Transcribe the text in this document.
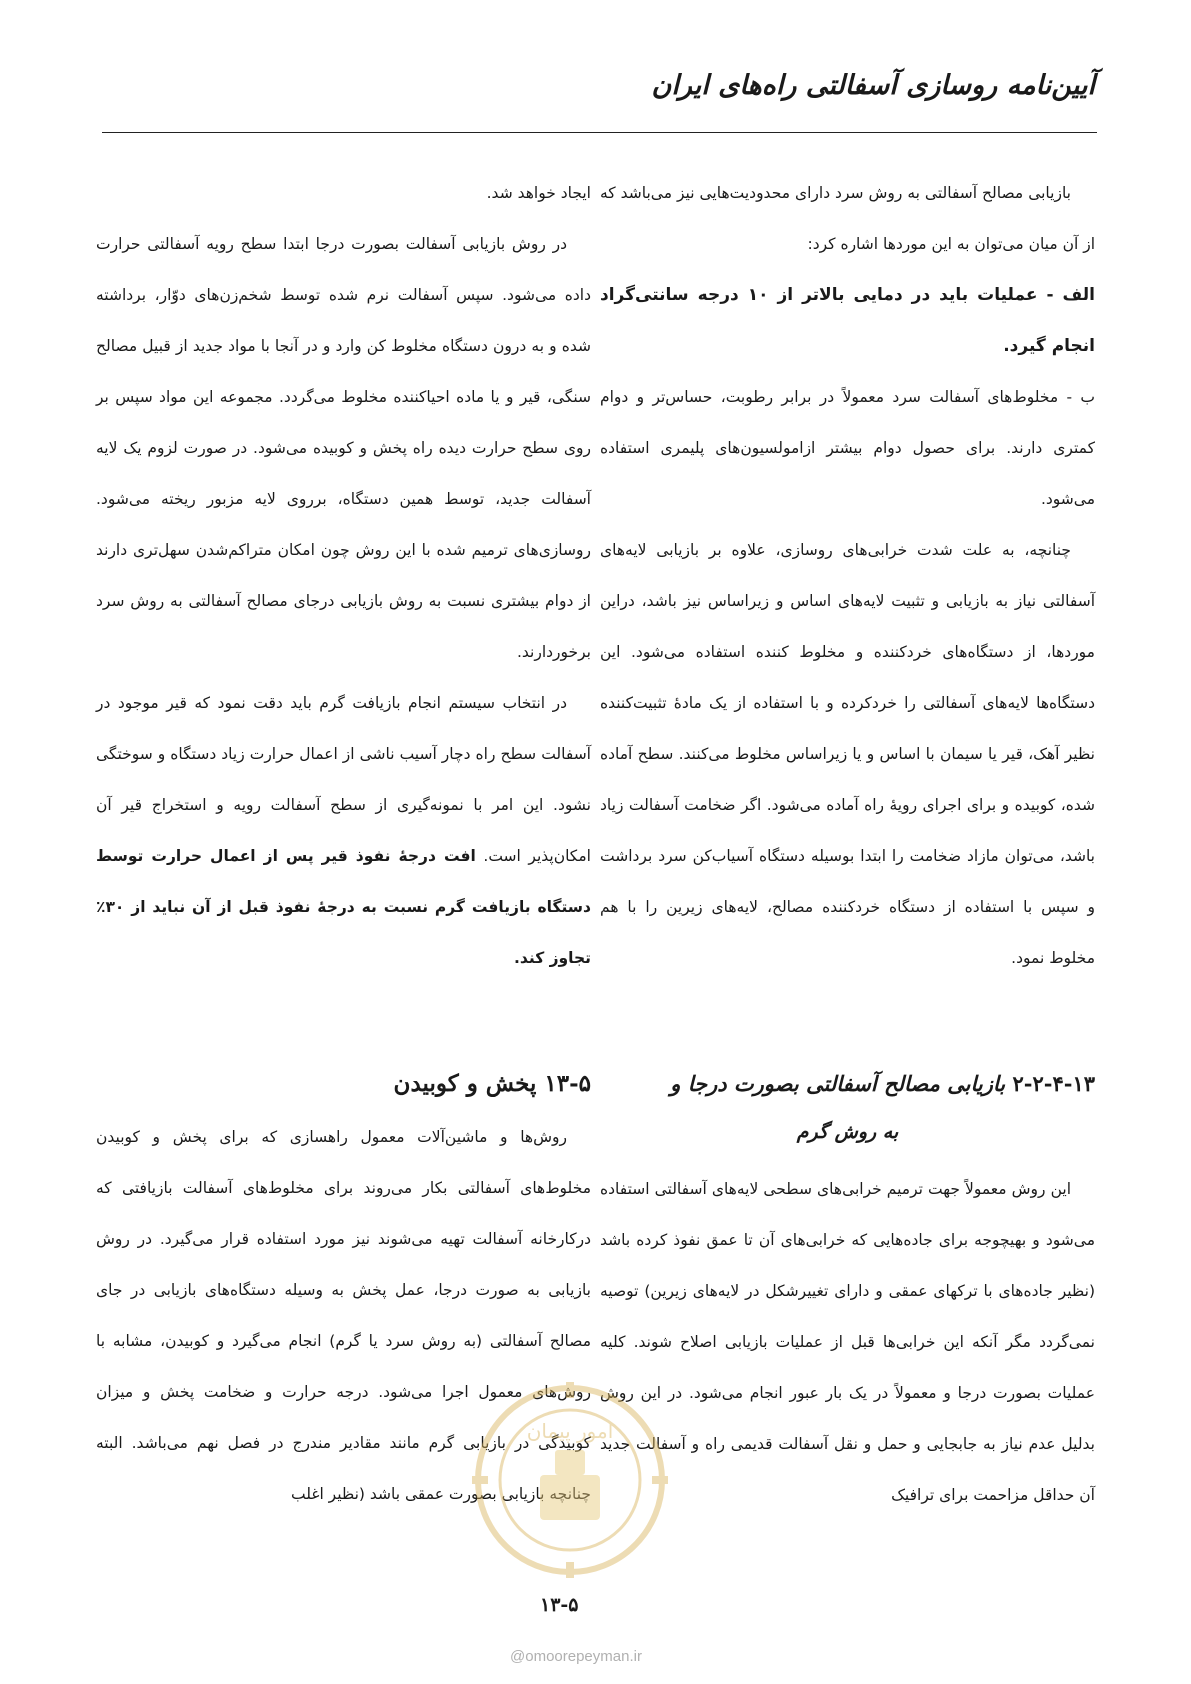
آیین‌نامه روسازی آسفالتی راه‌های ایران

بازیابی مصالح آسفالتی به روش سرد دارای محدودیت‌هایی نیز می‌باشد که از آن میان می‌توان به این موردها اشاره کرد:

الف - عملیات باید در دمایی بالاتر از ۱۰ درجه سانتی‌گراد انجام گیرد.

ب - مخلوط‌های آسفالت سرد معمولاً در برابر رطوبت، حساس‌تر و دوام کمتری دارند. برای حصول دوام بیشتر ازامولسیون‌های پلیمری استفاده می‌شود.

چنانچه، به علت شدت خرابی‌های روسازی، علاوه بر بازیابی لایه‌های آسفالتی نیاز به بازیابی و تثبیت لایه‌های اساس و زیراساس نیز باشد، دراین موردها، از دستگاه‌های خردکننده و مخلوط کننده استفاده می‌شود. این دستگاه‌ها لایه‌های آسفالتی را خردکرده و با استفاده از یک مادهٔ تثبیت‌کننده نظیر آهک، قیر یا سیمان با اساس و یا زیراساس مخلوط می‌کنند. سطح آماده شده، کوبیده و برای اجرای رویهٔ راه آماده می‌شود. اگر ضخامت آسفالت زیاد باشد، می‌توان مازاد ضخامت را ابتدا بوسیله دستگاه آسیاب‌کن سرد برداشت و سپس با استفاده از دستگاه خردکننده مصالح، لایه‌های زیرین را با هم مخلوط نمود.

۲-۲-۴-۱۳ بازیابی مصالح آسفالتی بصورت درجا و
به روش گرم

این روش معمولاً جهت ترمیم خرابی‌های سطحی لایه‌های آسفالتی استفاده می‌شود و بهیچوجه برای جاده‌هایی که خرابی‌های آن تا عمق نفوذ کرده باشد (نظیر جاده‌های با ترکهای عمقی و دارای تغییرشکل در لایه‌های زیرین) توصیه نمی‌گردد مگر آنکه این خرابی‌ها قبل از عملیات بازیابی اصلاح شوند. کلیه عملیات بصورت درجا و معمولاً در یک بار عبور انجام می‌شود. در این روش بدلیل عدم نیاز به جابجایی و حمل و نقل آسفالت قدیمی راه و آسفالت جدید آن حداقل مزاحمت برای ترافیک

ایجاد خواهد شد.

در روش بازیابی آسفالت بصورت درجا ابتدا سطح رویه آسفالتی حرارت داده می‌شود. سپس آسفالت نرم شده توسط شخم‌زن‌های دوّار، برداشته شده و به درون دستگاه مخلوط کن وارد و در آنجا با مواد جدید از قبیل مصالح سنگی، قیر و یا ماده احیاکننده مخلوط می‌گردد. مجموعه این مواد سپس بر روی سطح حرارت دیده راه پخش و کوبیده می‌شود. در صورت لزوم یک لایه آسفالت جدید، توسط همین دستگاه، برروی لایه مزبور ریخته می‌شود. روسازی‌های ترمیم شده با این روش چون امکان متراکم‌شدن سهل‌تری دارند از دوام بیشتری نسبت به روش بازیابی درجای مصالح آسفالتی به روش سرد برخوردارند.

در انتخاب سیستم انجام بازیافت گرم باید دقت نمود که قیر موجود در آسفالت سطح راه دچار آسیب ناشی از اعمال حرارت زیاد دستگاه و سوختگی نشود. این امر با نمونه‌گیری از سطح آسفالت رویه و استخراج قیر آن امکان‌پذیر است. افت درجهٔ نفوذ قیر پس از اعمال حرارت توسط دستگاه بازیافت گرم نسبت به درجهٔ نفوذ قبل از آن نباید از ۳۰٪ تجاوز کند.

۱۳-۵ پخش و کوبیدن

روش‌ها و ماشین‌آلات معمول راهسازی که برای پخش و کوبیدن مخلوط‌های آسفالتی بکار می‌روند برای مخلوط‌های آسفالت بازیافتی که درکارخانه آسفالت تهیه می‌شوند نیز مورد استفاده قرار می‌گیرد. در روش بازیابی به صورت درجا، عمل پخش به وسیله دستگاه‌های بازیابی در جای مصالح آسفالتی (به روش سرد یا گرم) انجام می‌گیرد و کوبیدن، مشابه با روش‌های معمول اجرا می‌شود. درجه حرارت و ضخامت پخش و میزان کوبیدگی در بازیابی گرم مانند مقادیر مندرج در فصل نهم می‌باشد. البته چنانچه بازیابی بصورت عمقی باشد (نظیر اغلب

امور پیمان
۱۳-۵
@omoorepeyman.ir
